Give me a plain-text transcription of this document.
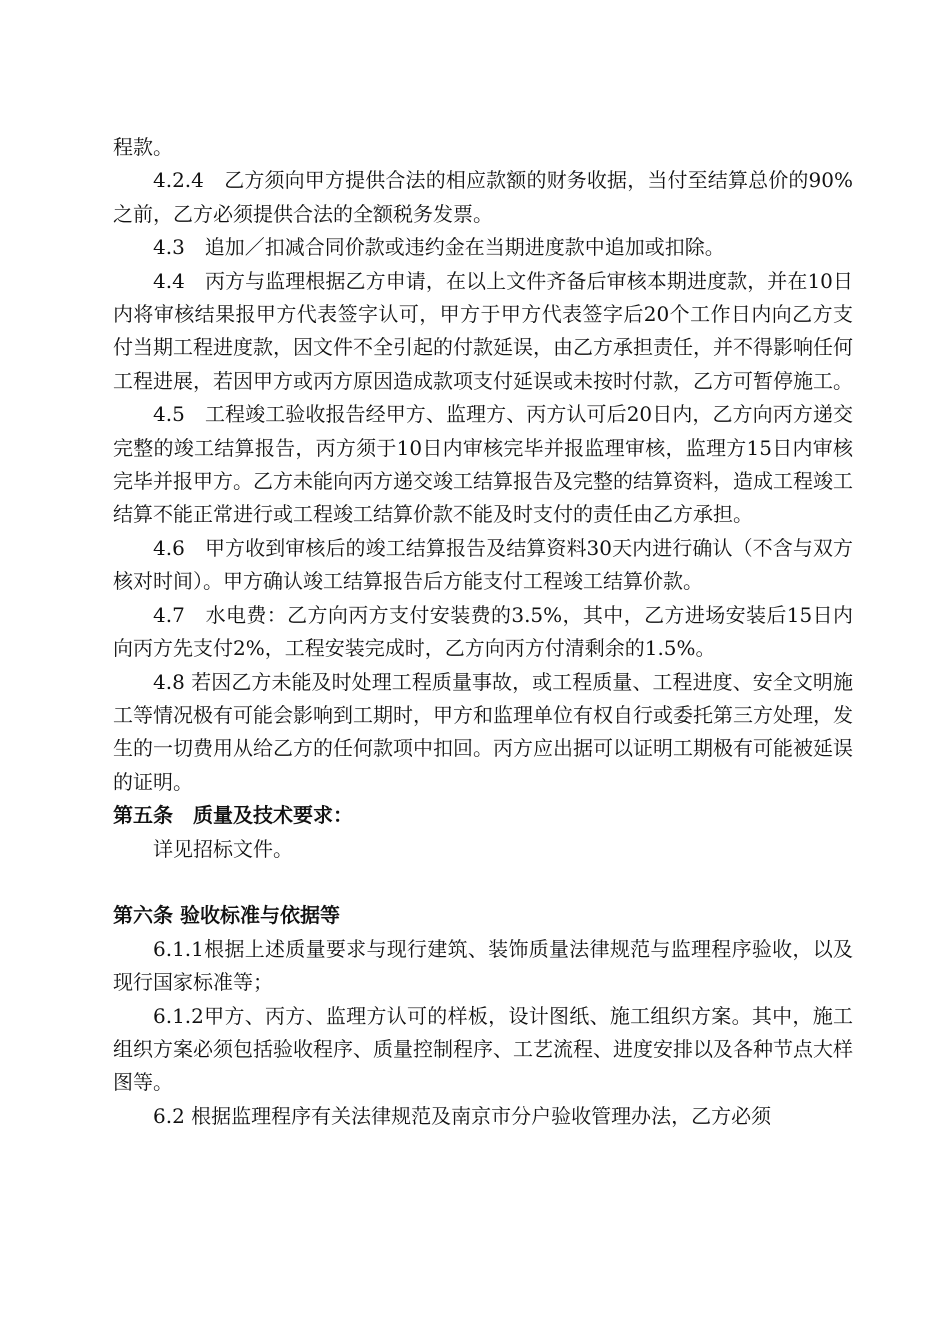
程款。

4.2.4　乙方须向甲方提供合法的相应款额的财务收据，当付至结算总价的90%之前，乙方必须提供合法的全额税务发票。

4.3　追加／扣减合同价款或违约金在当期进度款中追加或扣除。

4.4　丙方与监理根据乙方申请，在以上文件齐备后审核本期进度款，并在10日内将审核结果报甲方代表签字认可，甲方于甲方代表签字后20个工作日内向乙方支付当期工程进度款，因文件不全引起的付款延误，由乙方承担责任，并不得影响任何工程进展，若因甲方或丙方原因造成款项支付延误或未按时付款，乙方可暂停施工。

4.5　工程竣工验收报告经甲方、监理方、丙方认可后20日内，乙方向丙方递交完整的竣工结算报告，丙方须于10日内审核完毕并报监理审核，监理方15日内审核完毕并报甲方。乙方未能向丙方递交竣工结算报告及完整的结算资料，造成工程竣工结算不能正常进行或工程竣工结算价款不能及时支付的责任由乙方承担。

4.6　甲方收到审核后的竣工结算报告及结算资料30天内进行确认（不含与双方核对时间）。甲方确认竣工结算报告后方能支付工程竣工结算价款。

4.7　水电费：乙方向丙方支付安装费的3.5%，其中，乙方进场安装后15日内向丙方先支付2%，工程安装完成时，乙方向丙方付清剩余的1.5%。

4.8 若因乙方未能及时处理工程质量事故，或工程质量、工程进度、安全文明施工等情况极有可能会影响到工期时，甲方和监理单位有权自行或委托第三方处理，发生的一切费用从给乙方的任何款项中扣回。丙方应出据可以证明工期极有可能被延误的证明。

第五条　质量及技术要求：

详见招标文件。

第六条 验收标准与依据等

6.1.1根据上述质量要求与现行建筑、装饰质量法律规范与监理程序验收，以及现行国家标准等；

6.1.2甲方、丙方、监理方认可的样板，设计图纸、施工组织方案。其中，施工组织方案必须包括验收程序、质量控制程序、工艺流程、进度安排以及各种节点大样图等。

6.2 根据监理程序有关法律规范及南京市分户验收管理办法，乙方必须
